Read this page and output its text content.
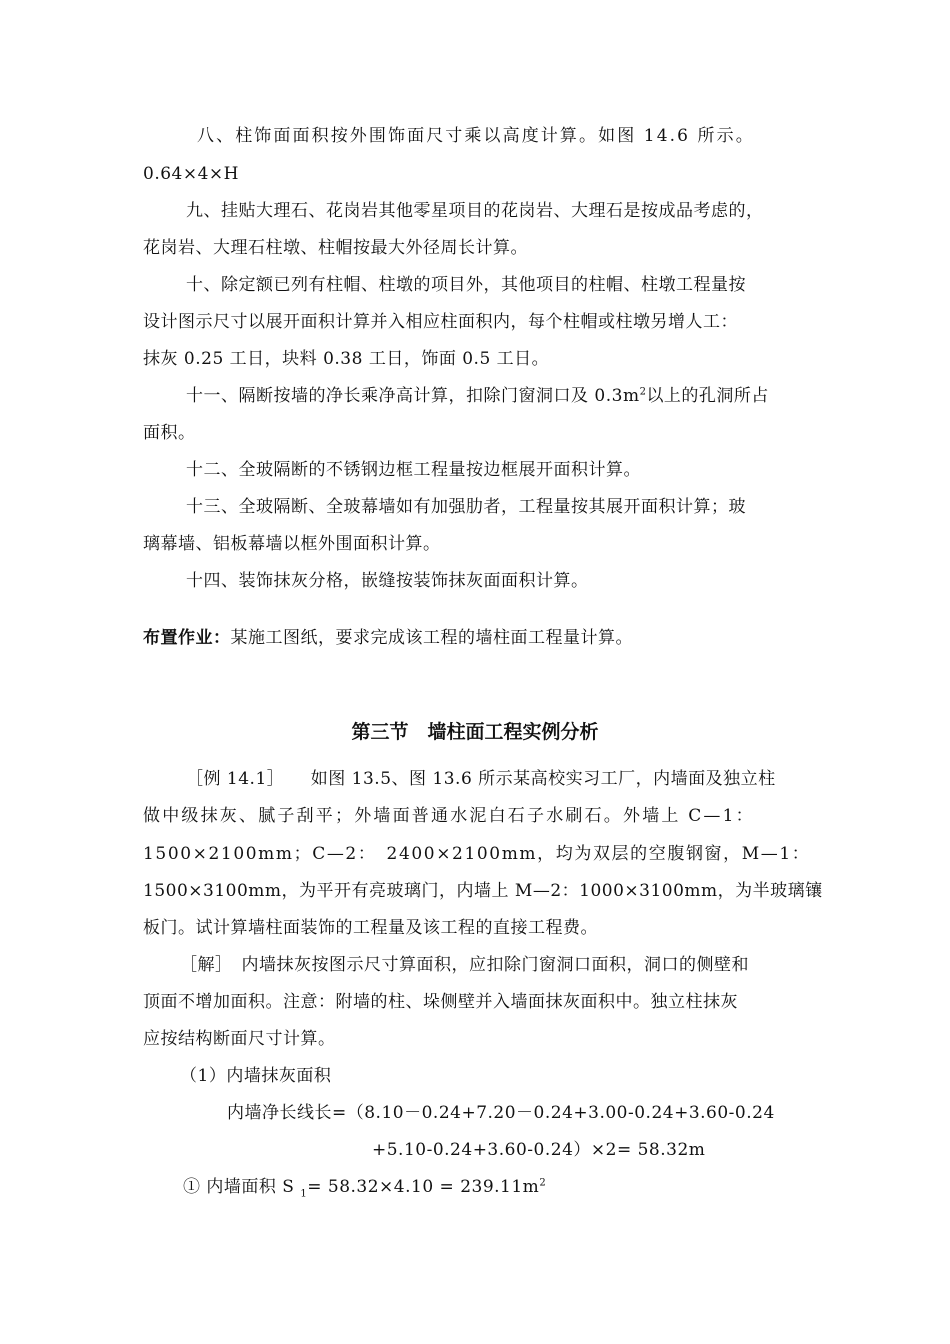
八、柱饰面面积按外围饰面尺寸乘以高度计算。如图 14.6 所示。
0.64×4×H
九、挂贴大理石、花岗岩其他零星项目的花岗岩、大理石是按成品考虑的，
花岗岩、大理石柱墩、柱帽按最大外径周长计算。
十、除定额已列有柱帽、柱墩的项目外，其他项目的柱帽、柱墩工程量按
设计图示尺寸以展开面积计算并入相应柱面积内，每个柱帽或柱墩另增人工：
抹灰 0.25 工日，块料 0.38 工日，饰面 0.5 工日。
十一、隔断按墙的净长乘净高计算，扣除门窗洞口及 $0.3m^2$以上的孔洞所占
面积。
十二、全玻隔断的不锈钢边框工程量按边框展开面积计算。
十三、全玻隔断、全玻幕墙如有加强肋者，工程量按其展开面积计算；玻
璃幕墙、铝板幕墙以框外围面积计算。
十四、装饰抹灰分格，嵌缝按装饰抹灰面面积计算。
布置作业：某施工图纸，要求完成该工程的墙柱面工程量计算。
第三节　墙柱面工程实例分析
［例 14.1］　　如图 13.5、图 13.6 所示某高校实习工厂，内墙面及独立柱
做中级抹灰、腻子刮平；外墙面普通水泥白石子水刷石。外墙上 C—1：
1500×2100mm；C—2：　2400×2100mm，均为双层的空腹钢窗，M—1：
1500×3100mm，为平开有亮玻璃门，内墙上 M—2：1000×3100mm，为半玻璃镶
板门。试计算墙柱面装饰的工程量及该工程的直接工程费。
［解］　内墙抹灰按图示尺寸算面积，应扣除门窗洞口面积，洞口的侧壁和
顶面不增加面积。注意：附墙的柱、垛侧壁并入墙面抹灰面积中。独立柱抹灰
应按结构断面尺寸计算。
（1）内墙抹灰面积
内墙净长线长=（8.10－0.24+7.20－0.24+3.00-0.24+3.60-0.24
+5.10-0.24+3.60-0.24）×2= 58.32m
① 内墙面积 S $_1= 58.32\times 4.10 = 239.11m^2$
